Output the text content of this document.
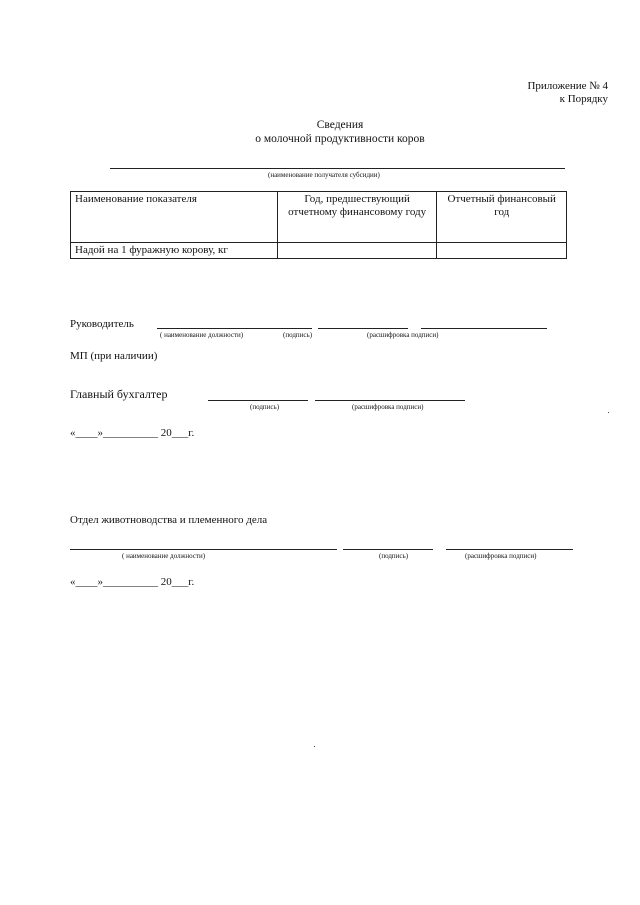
Приложение № 4
к Порядку
Сведения
о молочной продуктивности коров
(наименование получателя субсидии)
Наименование показателя	Год, предшествующий отчетному финансовому году	Отчетный финансовый год
Надой на 1 фуражную корову, кг		
Руководитель
( наименование должности)	(подпись)	(расшифровка подписи)
МП (при наличии)
Главный бухгалтер
(подпись)	(расшифровка подписи)
«____»__________ 20___г.
Отдел животноводства и племенного дела
( наименование должности)	(подпись)	(расшифровка подписи)
«____»__________ 20___г.
